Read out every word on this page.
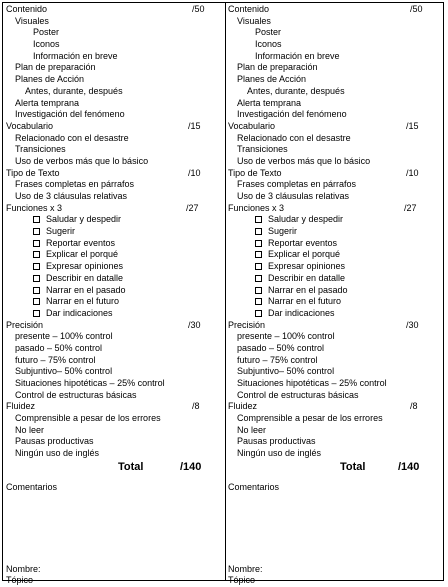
Contenido	/50
Visuales
Poster
Iconos
Información en breve
Plan de preparación
Planes de Acción
Antes, durante, después
Alerta temprana
Investigación del fenómeno
Vocabulario	/15
Relacionado con el desastre
Transiciones
Uso de verbos más que lo básico
Tipo de Texto	/10
Frases completas en párrafos
Uso de 3 cláusulas relativas
Funciones x 3	/27
Saludar y despedir
Sugerir
Reportar eventos
Explicar el porqué
Expresar opiniones
Describir en datalle
Narrar en el pasado
Narrar en el futuro
Dar indicaciones
Precisión	/30
presente – 100% control
pasado – 50% control
futuro – 75% control
Subjuntivo– 50% control
Situaciones hipotéticas – 25% control
Control de estructuras básicas
Fluidez	/8
Comprensible a pesar de los errores
No leer
Pausas productivas
Ningún uso de inglés
Total	/140
Comentarios
Nombre:
Tópico
Contenido	/50
Visuales
Poster
Iconos
Información en breve
Plan de preparación
Planes de Acción
Antes, durante, después
Alerta temprana
Investigación del fenómeno
Vocabulario	/15
Relacionado con el desastre
Transiciones
Uso de verbos más que lo básico
Tipo de Texto	/10
Frases completas en párrafos
Uso de 3 cláusulas relativas
Funciones x 3	/27
Saludar y despedir
Sugerir
Reportar eventos
Explicar el porqué
Expresar opiniones
Describir en datalle
Narrar en el pasado
Narrar en el futuro
Dar indicaciones
Precisión	/30
presente – 100% control
pasado – 50% control
futuro – 75% control
Subjuntivo– 50% control
Situaciones hipotéticas – 25% control
Control de estructuras básicas
Fluidez	/8
Comprensible a pesar de los errores
No leer
Pausas productivas
Ningún uso de inglés
Total	/140
Comentarios
Nombre:
Tópico
